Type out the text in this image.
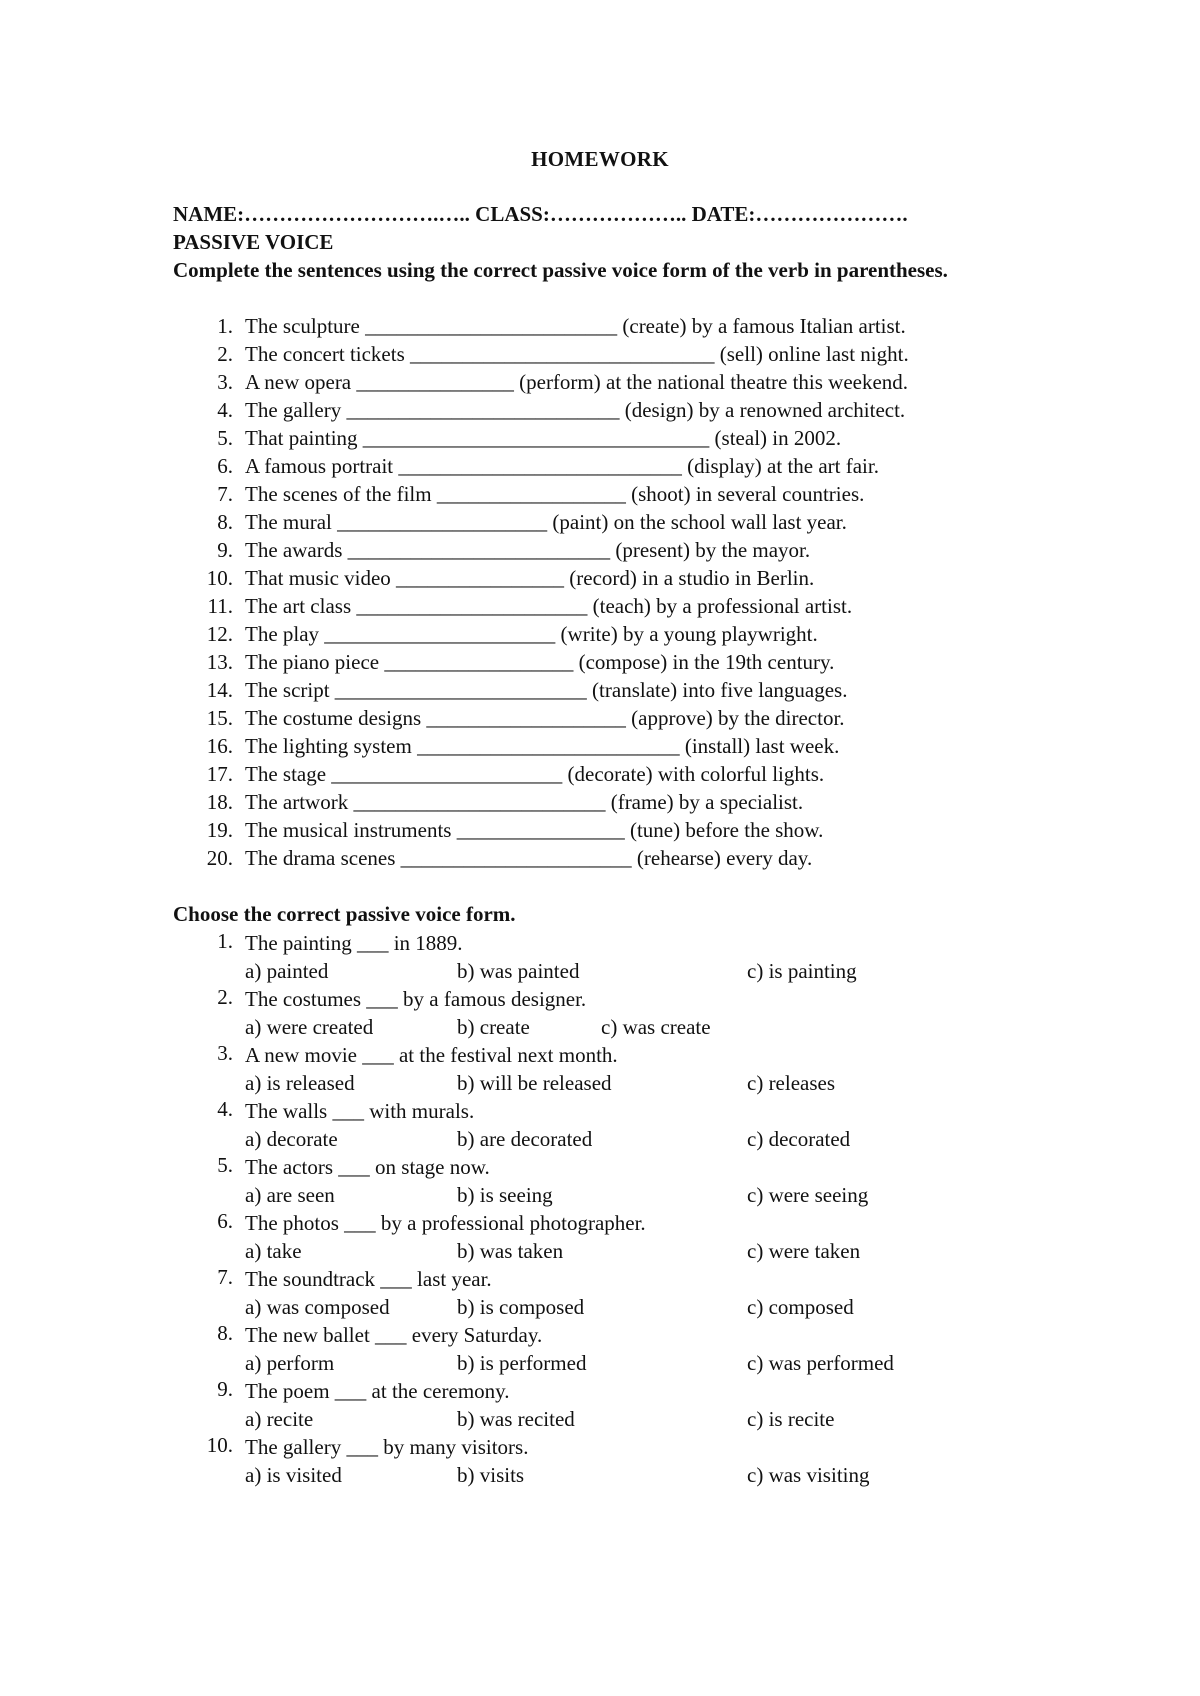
HOMEWORK
NAME:……………………….….. CLASS:……………….. DATE:………………….
PASSIVE VOICE
Complete the sentences using the correct passive voice form of the verb in parentheses.
1. The sculpture ________________________ (create) by a famous Italian artist.
2. The concert tickets _____________________________ (sell) online last night.
3. A new opera _______________ (perform) at the national theatre this weekend.
4. The gallery __________________________ (design) by a renowned architect.
5. That painting _________________________________ (steal) in 2002.
6. A famous portrait ___________________________ (display) at the art fair.
7. The scenes of the film __________________ (shoot) in several countries.
8. The mural ____________________ (paint) on the school wall last year.
9. The awards _________________________ (present) by the mayor.
10. That music video ________________ (record) in a studio in Berlin.
11. The art class ______________________ (teach) by a professional artist.
12. The play ______________________ (write) by a young playwright.
13. The piano piece __________________ (compose) in the 19th century.
14. The script ________________________ (translate) into five languages.
15. The costume designs ___________________ (approve) by the director.
16. The lighting system _________________________ (install) last week.
17. The stage ______________________ (decorate) with colorful lights.
18. The artwork ________________________ (frame) by a specialist.
19. The musical instruments ________________ (tune) before the show.
20. The drama scenes ______________________ (rehearse) every day.
Choose the correct passive voice form.
1. The painting ___ in 1889.
a) painted	b) was painted	c) is painting
2. The costumes ___ by a famous designer.
a) were created	b) create	c) was create
3. A new movie ___ at the festival next month.
a) is released	b) will be released	c) releases
4. The walls ___ with murals.
a) decorate	b) are decorated	c) decorated
5. The actors ___ on stage now.
a) are seen	b) is seeing	c) were seeing
6. The photos ___ by a professional photographer.
a) take	b) was taken	c) were taken
7. The soundtrack ___ last year.
a) was composed	b) is composed	c) composed
8. The new ballet ___ every Saturday.
a) perform	b) is performed	c) was performed
9. The poem ___ at the ceremony.
a) recite	b) was recited	c) is recite
10. The gallery ___ by many visitors.
a) is visited	b) visits	c) was visiting
